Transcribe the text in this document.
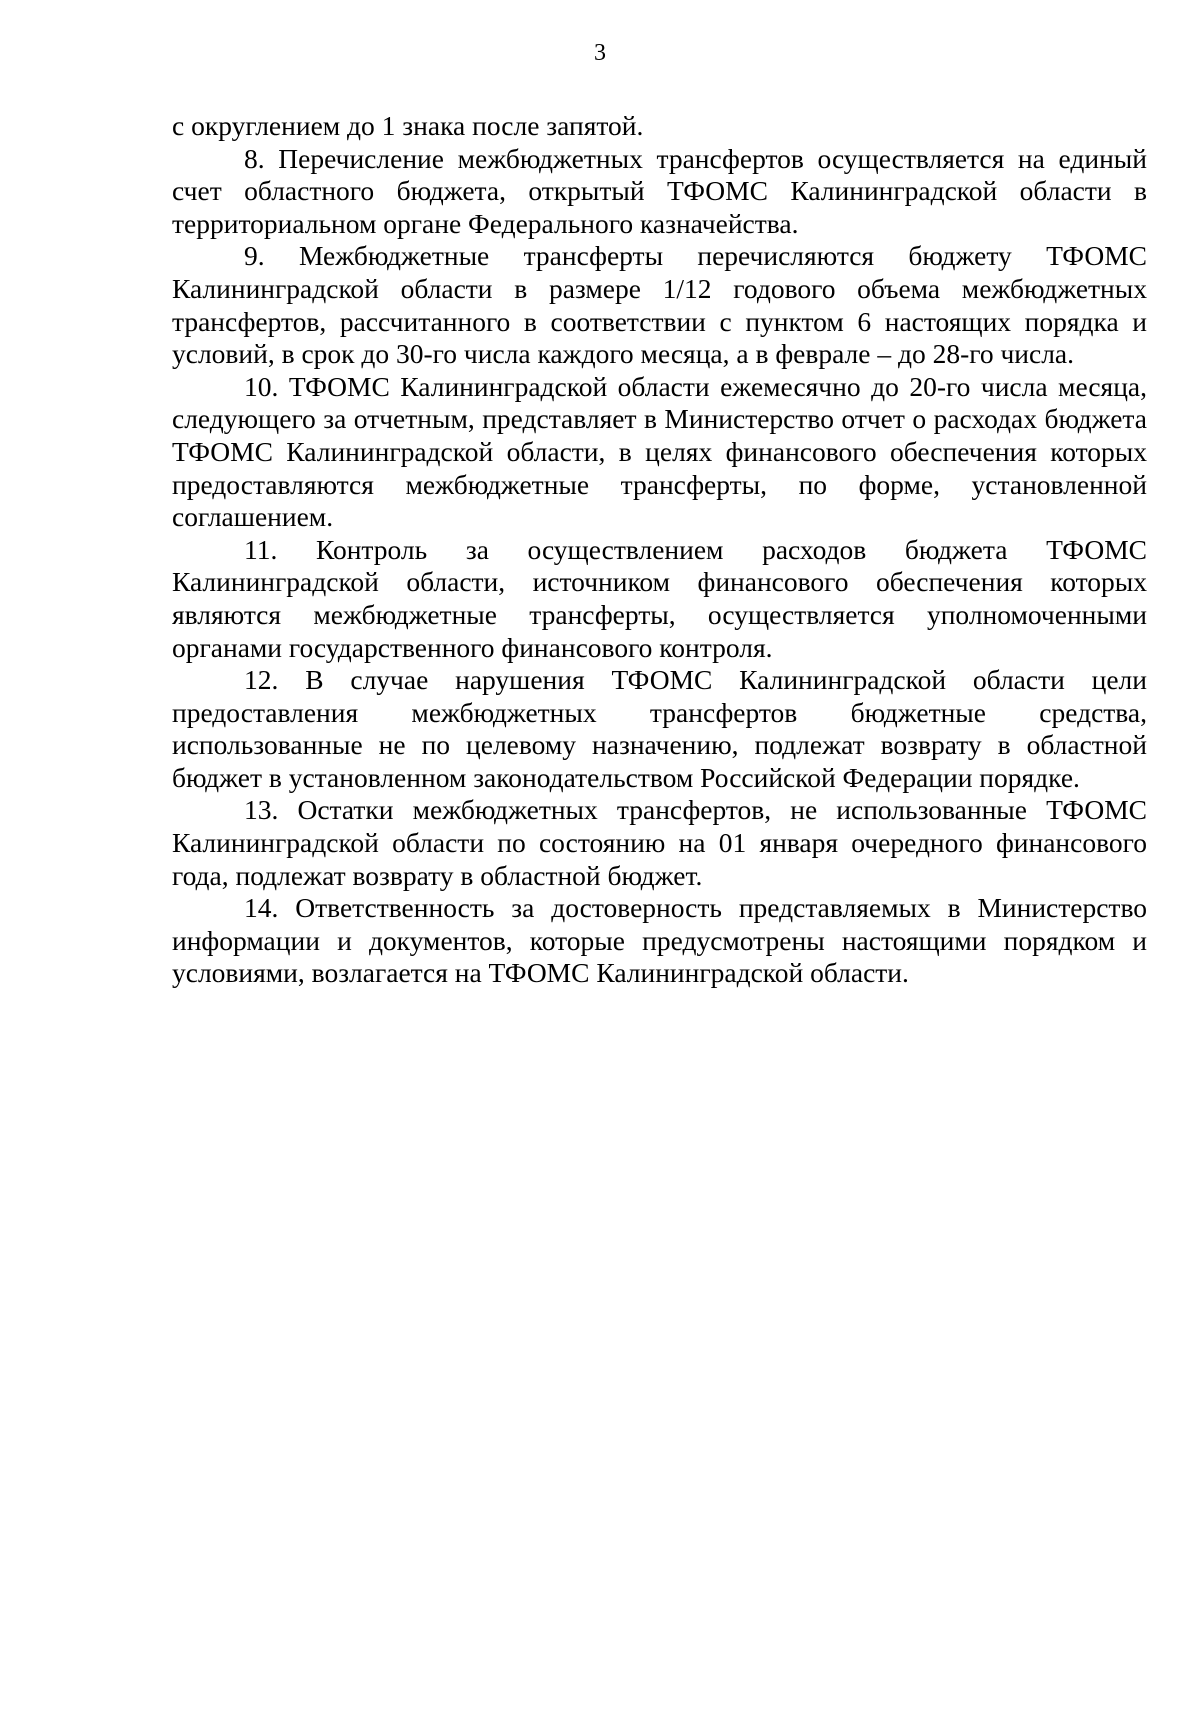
3

с округлением до 1 знака после запятой.

8. Перечисление межбюджетных трансфертов осуществляется на единый счет областного бюджета, открытый ТФОМС Калининградской области в территориальном органе Федерального казначейства.

9. Межбюджетные трансферты перечисляются бюджету ТФОМС Калининградской области в размере 1/12 годового объема межбюджетных трансфертов, рассчитанного в соответствии с пунктом 6 настоящих порядка и условий, в срок до 30-го числа каждого месяца, а в феврале – до 28-го числа.

10. ТФОМС Калининградской области ежемесячно до 20-го числа месяца, следующего за отчетным, представляет в Министерство отчет о расходах бюджета ТФОМС Калининградской области, в целях финансового обеспечения которых предоставляются межбюджетные трансферты, по форме, установленной соглашением.

11. Контроль за осуществлением расходов бюджета ТФОМС Калининградской области, источником финансового обеспечения которых являются межбюджетные трансферты, осуществляется уполномоченными органами государственного финансового контроля.

12. В случае нарушения ТФОМС Калининградской области цели предоставления межбюджетных трансфертов бюджетные средства, использованные не по целевому назначению, подлежат возврату в областной бюджет в установленном законодательством Российской Федерации порядке.

13. Остатки межбюджетных трансфертов, не использованные ТФОМС Калининградской области по состоянию на 01 января очередного финансового года, подлежат возврату в областной бюджет.

14. Ответственность за достоверность представляемых в Министерство информации и документов, которые предусмотрены настоящими порядком и условиями, возлагается на ТФОМС Калининградской области.
